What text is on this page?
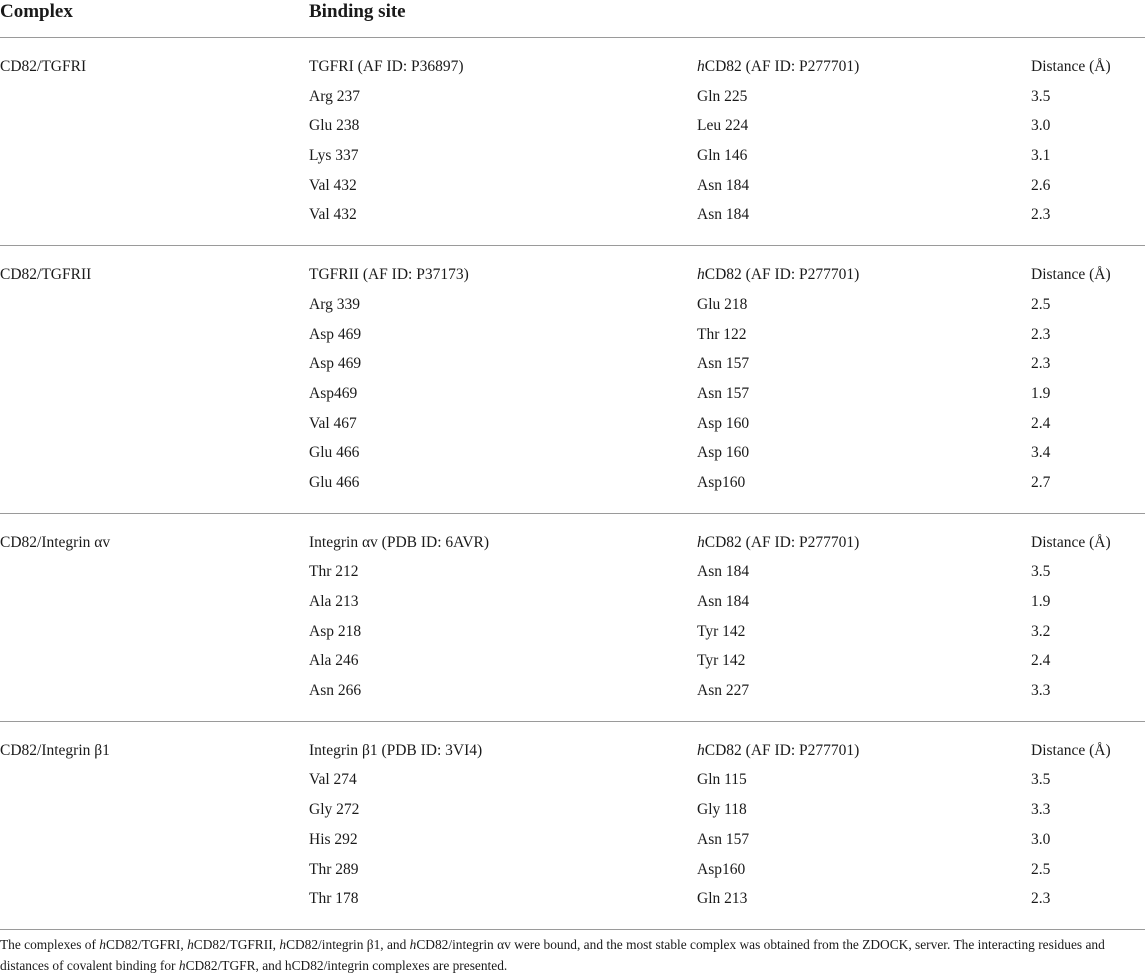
Complex	Binding site
CD82/TGFRI	TGFRI (AF ID: P36897)	hCD82 (AF ID: P277701)	Distance (Å)
Arg 237	Gln 225	3.5
Glu 238	Leu 224	3.0
Lys 337	Gln 146	3.1
Val 432	Asn 184	2.6
Val 432	Asn 184	2.3
CD82/TGFRII	TGFRII (AF ID: P37173)	hCD82 (AF ID: P277701)	Distance (Å)
Arg 339	Glu 218	2.5
Asp 469	Thr 122	2.3
Asp 469	Asn 157	2.3
Asp469	Asn 157	1.9
Val 467	Asp 160	2.4
Glu 466	Asp 160	3.4
Glu 466	Asp160	2.7
CD82/Integrin αv	Integrin αv (PDB ID: 6AVR)	hCD82 (AF ID: P277701)	Distance (Å)
Thr 212	Asn 184	3.5
Ala 213	Asn 184	1.9
Asp 218	Tyr 142	3.2
Ala 246	Tyr 142	2.4
Asn 266	Asn 227	3.3
CD82/Integrin β1	Integrin β1 (PDB ID: 3VI4)	hCD82 (AF ID: P277701)	Distance (Å)
Val 274	Gln 115	3.5
Gly 272	Gly 118	3.3
His 292	Asn 157	3.0
Thr 289	Asp160	2.5
Thr 178	Gln 213	2.3
The complexes of hCD82/TGFRI, hCD82/TGFRII, hCD82/integrin β1, and hCD82/integrin αv were bound, and the most stable complex was obtained from the ZDOCK, server. The interacting residues and distances of covalent binding for hCD82/TGFR, and hCD82/integrin complexes are presented.
